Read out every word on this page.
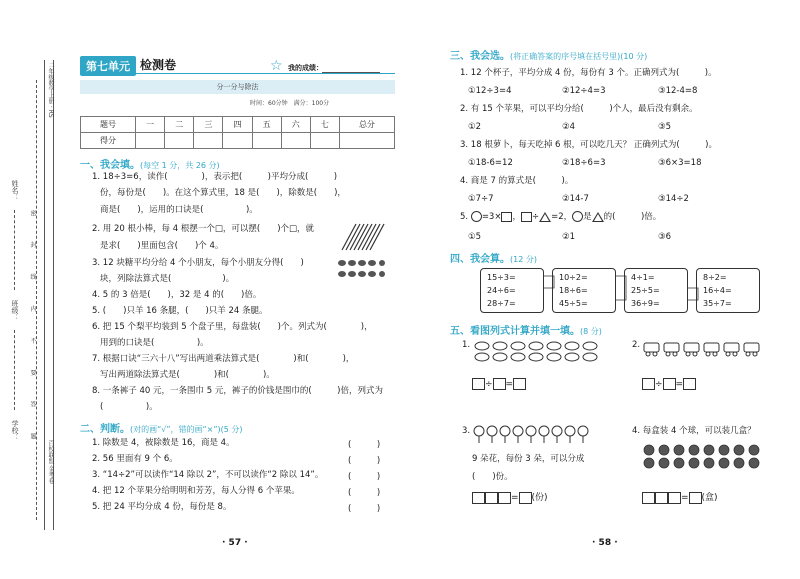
姓名：
班级：
学校： 密 封 线 内 不 要 答 题
二年级数学上册 · RS
百校联盟 金考卷
第七单元 检测卷	☆ 我的成绩：
分一分与除法
时间：60分钟　满分：100分
题号	一	二	三	四	五	六	七	总分
得分								
一、我会填。(每空 1 分，共 26 分)
1. 18÷3=6，读作(　　　　)，表示把(　　　)平均分成(　　　)
份，每份是(　　)。在这个算式里，18 是(　　)，除数是(　　)，
商是(　　)，运用的口诀是(　　　　　)。
2. 用 20 根小棒，每 4 根摆一个□，可以摆(　　)个□，就
是求(　　)里面包含(　　)个 4。
3. 12 块糖平均分给 4 个小朋友，每个小朋友分得(　　)
块，列除法算式是(　　　　　　)。
4. 5 的 3 倍是(　　)，32 是 4 的(　　)倍。
5. (　　)只羊 16 条腿，(　　)只羊 24 条腿。
6. 把 15 个梨平均装到 5 个盘子里，每盘装(　　)个。列式为(　　　　)，
用到的口诀是(　　　　　)。
7. 根据口诀“三六十八”写出两道乘法算式是(　　　　)和(　　　　)，
写出两道除法算式是(　　　　)和(　　　　)。
8. 一条裤子 40 元，一条围巾 5 元，裤子的价钱是围巾的(　　　)倍，列式为
(　　　　　)。
二、判断。(对的画“√”，错的画“×”)(5 分)
1. 除数是 4，被除数是 16，商是 4。	(　　　)
2. 56 里面有 9 个 6。	(　　　)
3. “14÷2”可以读作“14 除以 2”，不可以读作“2 除以 14”。	(　　　)
4. 把 12 个苹果分给明明和芳芳，每人分得 6 个苹果。	(　　　)
5. 把 24 平均分成 4 份，每份是 8。	(　　　)
· 57 ·
三、我会选。(将正确答案的序号填在括号里)(10 分)
1. 12 个杯子，平均分成 4 份，每份有 3 个。正确列式为(　　　)。
①12÷3=4	②12÷4=3	③12-4=8
2. 有 15 个苹果，可以平均分给(　　　)个人，最后没有剩余。
①2	②4	③5
3. 18 根萝卜，每天吃掉 6 根，可以吃几天？ 正确列式为(　　　)。
①18-6=12	②18÷6=3	③6×3=18
4. 商是 7 的算式是(　　　)。
①7÷7	②14-7	③14÷2
5. =3× ， ÷ =2， 是 的(　　　)倍。
①5	②1	③6
四、我会算。(12 分)
15÷3=
24÷6=
28÷7=
10÷2=
18÷6=
45÷5=
4÷1=
25÷5=
36÷9=
8÷2=
16÷4=
35÷7=
五、看图列式计算并填一填。(8 分)
1.
÷ =
2.
÷ =
3.
9 朵花，每份 3 朵，可以分成
(　　)份。
= (份)
4. 每盒装 4 个球，可以装几盒？
= (盒)
· 58 ·
